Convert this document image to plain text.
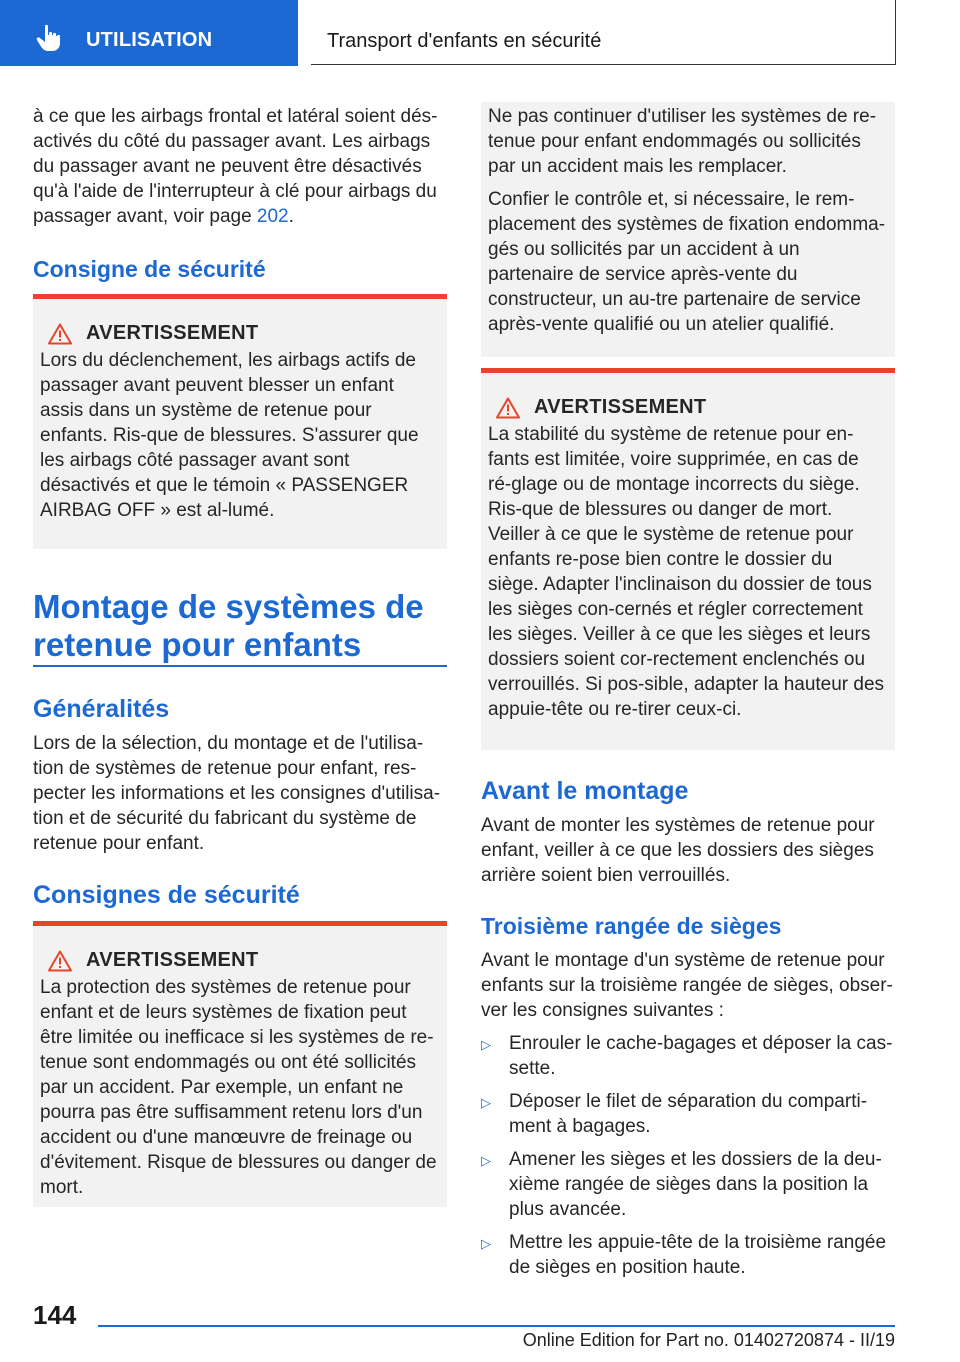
UTILISATION	Transport d'enfants en sécurité

à ce que les airbags frontal et latéral soient dés-activés du côté du passager avant. Les airbags du passager avant ne peuvent être désactivés qu'à l'aide de l'interrupteur à clé pour airbags du passager avant, voir page 202.

Consigne de sécurité
AVERTISSEMENT
Lors du déclenchement, les airbags actifs de passager avant peuvent blesser un enfant assis dans un système de retenue pour enfants. Ris-que de blessures. S'assurer que les airbags côté passager avant sont désactivés et que le témoin « PASSENGER AIRBAG OFF » est al-lumé.
Montage de systèmes de retenue pour enfants
Généralités
Lors de la sélection, du montage et de l'utilisa-tion de systèmes de retenue pour enfant, res-pecter les informations et les consignes d'utilisa-tion et de sécurité du fabricant du système de retenue pour enfant.
Consignes de sécurité
AVERTISSEMENT
La protection des systèmes de retenue pour enfant et de leurs systèmes de fixation peut être limitée ou inefficace si les systèmes de re-tenue sont endommagés ou ont été sollicités par un accident. Par exemple, un enfant ne pourra pas être suffisamment retenu lors d'un accident ou d'une manœuvre de freinage ou d'évitement. Risque de blessures ou danger de mort.

Ne pas continuer d'utiliser les systèmes de re-tenue pour enfant endommagés ou sollicités par un accident mais les remplacer.

Confier le contrôle et, si nécessaire, le rem-placement des systèmes de fixation endomma-gés ou sollicités par un accident à un partenaire de service après-vente du constructeur, un au-tre partenaire de service après-vente qualifié ou un atelier qualifié.

AVERTISSEMENT
La stabilité du système de retenue pour en-fants est limitée, voire supprimée, en cas de ré-glage ou de montage incorrects du siège. Ris-que de blessures ou danger de mort. Veiller à ce que le système de retenue pour enfants re-pose bien contre le dossier du siège. Adapter l'inclinaison du dossier de tous les sièges con-cernés et régler correctement les sièges. Veiller à ce que les sièges et leurs dossiers soient cor-rectement enclenchés ou verrouillés. Si pos-sible, adapter la hauteur des appuie-tête ou re-tirer ceux-ci.
Avant le montage
Avant de monter les systèmes de retenue pour enfant, veiller à ce que les dossiers des sièges arrière soient bien verrouillés.
Troisième rangée de sièges
Avant le montage d'un système de retenue pour enfants sur la troisième rangée de sièges, obser-ver les consignes suivantes :
▷ Enrouler le cache-bagages et déposer la cas-sette.
▷ Déposer le filet de séparation du comparti-ment à bagages.
▷ Amener les sièges et les dossiers de la deu-xième rangée de sièges dans la position la plus avancée.
▷ Mettre les appuie-tête de la troisième rangée de sièges en position haute.
144
Online Edition for Part no. 01402720874 - II/19
